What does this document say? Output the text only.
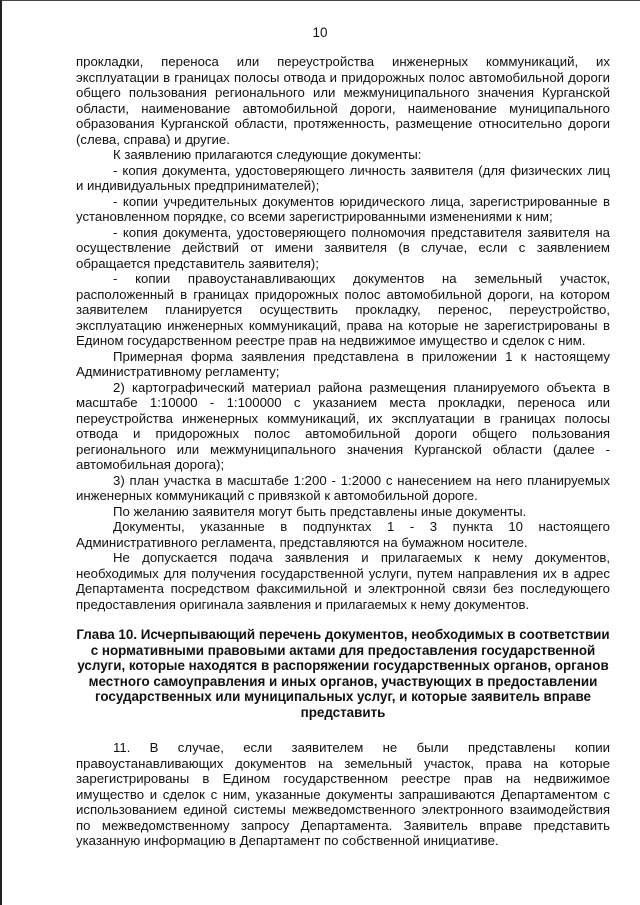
10

прокладки, переноса или переустройства инженерных коммуникаций, их эксплуатации в границах полосы отвода и придорожных полос автомобильной дороги общего пользования регионального или межмуниципального значения Курганской области, наименование автомобильной дороги, наименование муниципального образования Курганской области, протяженность, размещение относительно дороги (слева, справа) и другие.

К заявлению прилагаются следующие документы:

- копия документа, удостоверяющего личность заявителя (для физических лиц и индивидуальных предпринимателей);

- копии учредительных документов юридического лица, зарегистрированные в установленном порядке, со всеми зарегистрированными изменениями к ним;

- копия документа, удостоверяющего полномочия представителя заявителя на осуществление действий от имени заявителя (в случае, если с заявлением обращается представитель заявителя);

- копии правоустанавливающих документов на земельный участок, расположенный в границах придорожных полос автомобильной дороги, на котором заявителем планируется осуществить прокладку, перенос, переустройство, эксплуатацию инженерных коммуникаций, права на которые не зарегистрированы в Едином государственном реестре прав на недвижимое имущество и сделок с ним.

Примерная форма заявления представлена в приложении 1 к настоящему Административному регламенту;

2) картографический материал района размещения планируемого объекта в масштабе 1:10000 - 1:100000 с указанием места прокладки, переноса или переустройства инженерных коммуникаций, их эксплуатации в границах полосы отвода и придорожных полос автомобильной дороги общего пользования регионального или межмуниципального значения Курганской области (далее - автомобильная дорога);

3) план участка в масштабе 1:200 - 1:2000 с нанесением на него планируемых инженерных коммуникаций с привязкой к автомобильной дороге.

По желанию заявителя могут быть представлены иные документы.

Документы, указанные в подпунктах 1 - 3 пункта 10 настоящего Административного регламента, представляются на бумажном носителе.

Не допускается подача заявления и прилагаемых к нему документов, необходимых для получения государственной услуги, путем направления их в адрес Департамента посредством факсимильной и электронной связи без последующего предоставления оригинала заявления и прилагаемых к нему документов.

Глава 10. Исчерпывающий перечень документов, необходимых в соответствии с нормативными правовыми актами для предоставления государственной услуги, которые находятся в распоряжении государственных органов, органов местного самоуправления и иных органов, участвующих в предоставлении государственных или муниципальных услуг, и которые заявитель вправе представить

11. В случае, если заявителем не были представлены копии правоустанавливающих документов на земельный участок, права на которые зарегистрированы в Едином государственном реестре прав на недвижимое имущество и сделок с ним, указанные документы запрашиваются Департаментом с использованием единой системы межведомственного электронного взаимодействия по межведомственному запросу Департамента. Заявитель вправе представить указанную информацию в Департамент по собственной инициативе.
